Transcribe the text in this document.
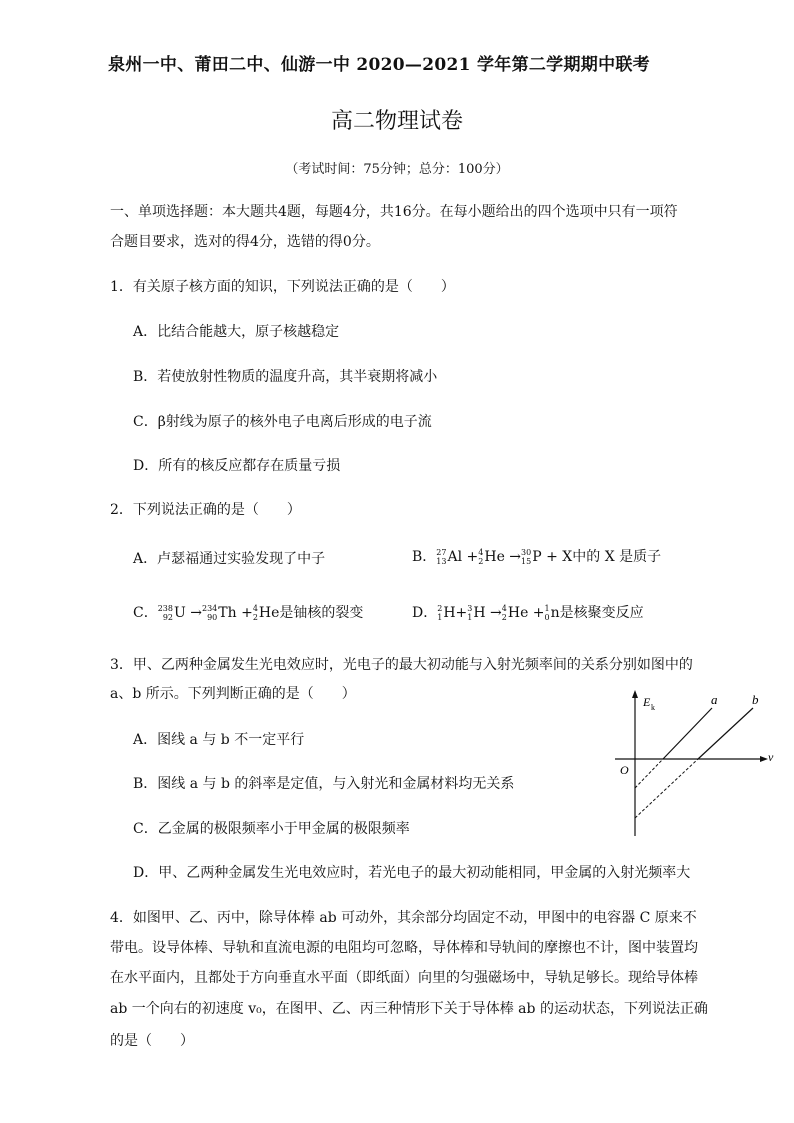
泉州一中、莆田二中、仙游一中 2020—2021 学年第二学期期中联考
高二物理试卷
（考试时间：75分钟；总分：100分）
一、单项选择题：本大题共4题，每题4分，共16分。在每小题给出的四个选项中只有一项符合题目要求，选对的得4分，选错的得0分。
1．有关原子核方面的知识，下列说法正确的是（　　）
A．比结合能越大，原子核越稳定
B．若使放射性物质的温度升高，其半衰期将减小
C．β射线为原子的核外电子电离后形成的电子流
D．所有的核反应都存在质量亏损
2．下列说法正确的是（　　）
A．卢瑟福通过实验发现了中子	B． 27
13 Al + 4
2 He → 30
15 P + X中的 X 是质子
C． 238
92 U → 234
90 Th + 4
2 He是铀核的裂变	D． 2
1 H+ 3
1 H → 4
2 He + 1
0 n是核聚变反应
3．甲、乙两种金属发生光电效应时，光电子的最大初动能与入射光频率间的关系分别如图中的
a、b 所示。下列判断正确的是（　　）
A．图线 a 与 b 不一定平行
B．图线 a 与 b 的斜率是定值，与入射光和金属材料均无关系
C．乙金属的极限频率小于甲金属的极限频率
D．甲、乙两种金属发生光电效应时，若光电子的最大初动能相同，甲金属的入射光频率大
E k
v
O
a	b
4．如图甲、乙、丙中，除导体棒 ab 可动外，其余部分均固定不动，甲图中的电容器 C 原来不
带电。设导体棒、导轨和直流电源的电阻均可忽略，导体棒和导轨间的摩擦也不计，图中装置均
在水平面内，且都处于方向垂直水平面（即纸面）向里的匀强磁场中，导轨足够长。现给导体棒
ab 一个向右的初速度 v₀，在图甲、乙、丙三种情形下关于导体棒 ab 的运动状态，下列说法正确
的是（　　）
